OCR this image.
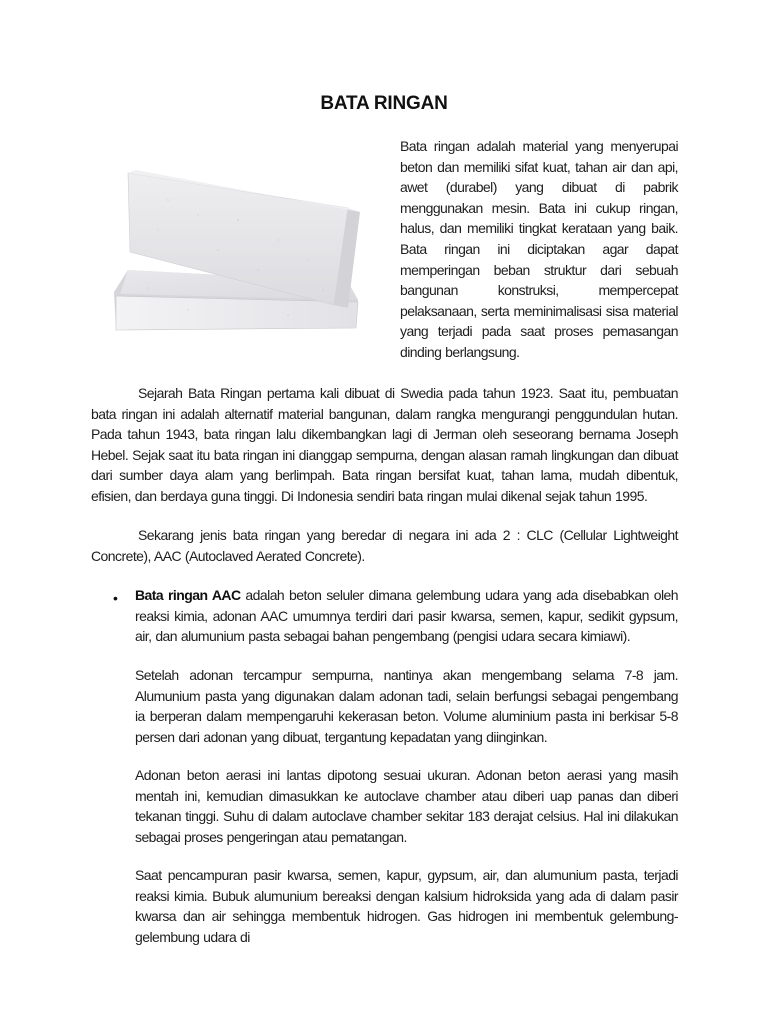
BATA RINGAN
Bata ringan adalah material yang menyerupai beton dan memiliki sifat kuat, tahan air dan api, awet (durabel) yang dibuat di pabrik menggunakan mesin. Bata ini cukup ringan, halus, dan memiliki tingkat kerataan yang baik. Bata ringan ini diciptakan agar dapat memperingan beban struktur dari sebuah bangunan konstruksi, mempercepat pelaksanaan, serta meminimalisasi sisa material yang terjadi pada saat proses pemasangan dinding berlangsung.
Sejarah Bata Ringan pertama kali dibuat di Swedia pada tahun 1923. Saat itu, pembuatan bata ringan ini adalah alternatif material bangunan, dalam rangka mengurangi penggundulan hutan. Pada tahun 1943, bata ringan lalu dikembangkan lagi di Jerman oleh seseorang bernama Joseph Hebel. Sejak saat itu bata ringan ini dianggap sempurna, dengan alasan ramah lingkungan dan dibuat dari sumber daya alam yang berlimpah. Bata ringan bersifat kuat, tahan lama, mudah dibentuk, efisien, dan berdaya guna tinggi. Di Indonesia sendiri bata ringan mulai dikenal sejak tahun 1995.
Sekarang jenis bata ringan yang beredar di negara ini ada 2 : CLC (Cellular Lightweight Concrete), AAC (Autoclaved Aerated Concrete).
• Bata ringan AAC adalah beton seluler dimana gelembung udara yang ada disebabkan oleh reaksi kimia, adonan AAC umumnya terdiri dari pasir kwarsa, semen, kapur, sedikit gypsum, air, dan alumunium pasta sebagai bahan pengembang (pengisi udara secara kimiawi).
Setelah adonan tercampur sempurna, nantinya akan mengembang selama 7-8 jam. Alumunium pasta yang digunakan dalam adonan tadi, selain berfungsi sebagai pengembang ia berperan dalam mempengaruhi kekerasan beton. Volume aluminium pasta ini berkisar 5-8 persen dari adonan yang dibuat, tergantung kepadatan yang diinginkan.
Adonan beton aerasi ini lantas dipotong sesuai ukuran. Adonan beton aerasi yang masih mentah ini, kemudian dimasukkan ke autoclave chamber atau diberi uap panas dan diberi tekanan tinggi. Suhu di dalam autoclave chamber sekitar 183 derajat celsius. Hal ini dilakukan sebagai proses pengeringan atau pematangan.
Saat pencampuran pasir kwarsa, semen, kapur, gypsum, air, dan alumunium pasta, terjadi reaksi kimia. Bubuk alumunium bereaksi dengan kalsium hidroksida yang ada di dalam pasir kwarsa dan air sehingga membentuk hidrogen. Gas hidrogen ini membentuk gelembung-gelembung udara di
